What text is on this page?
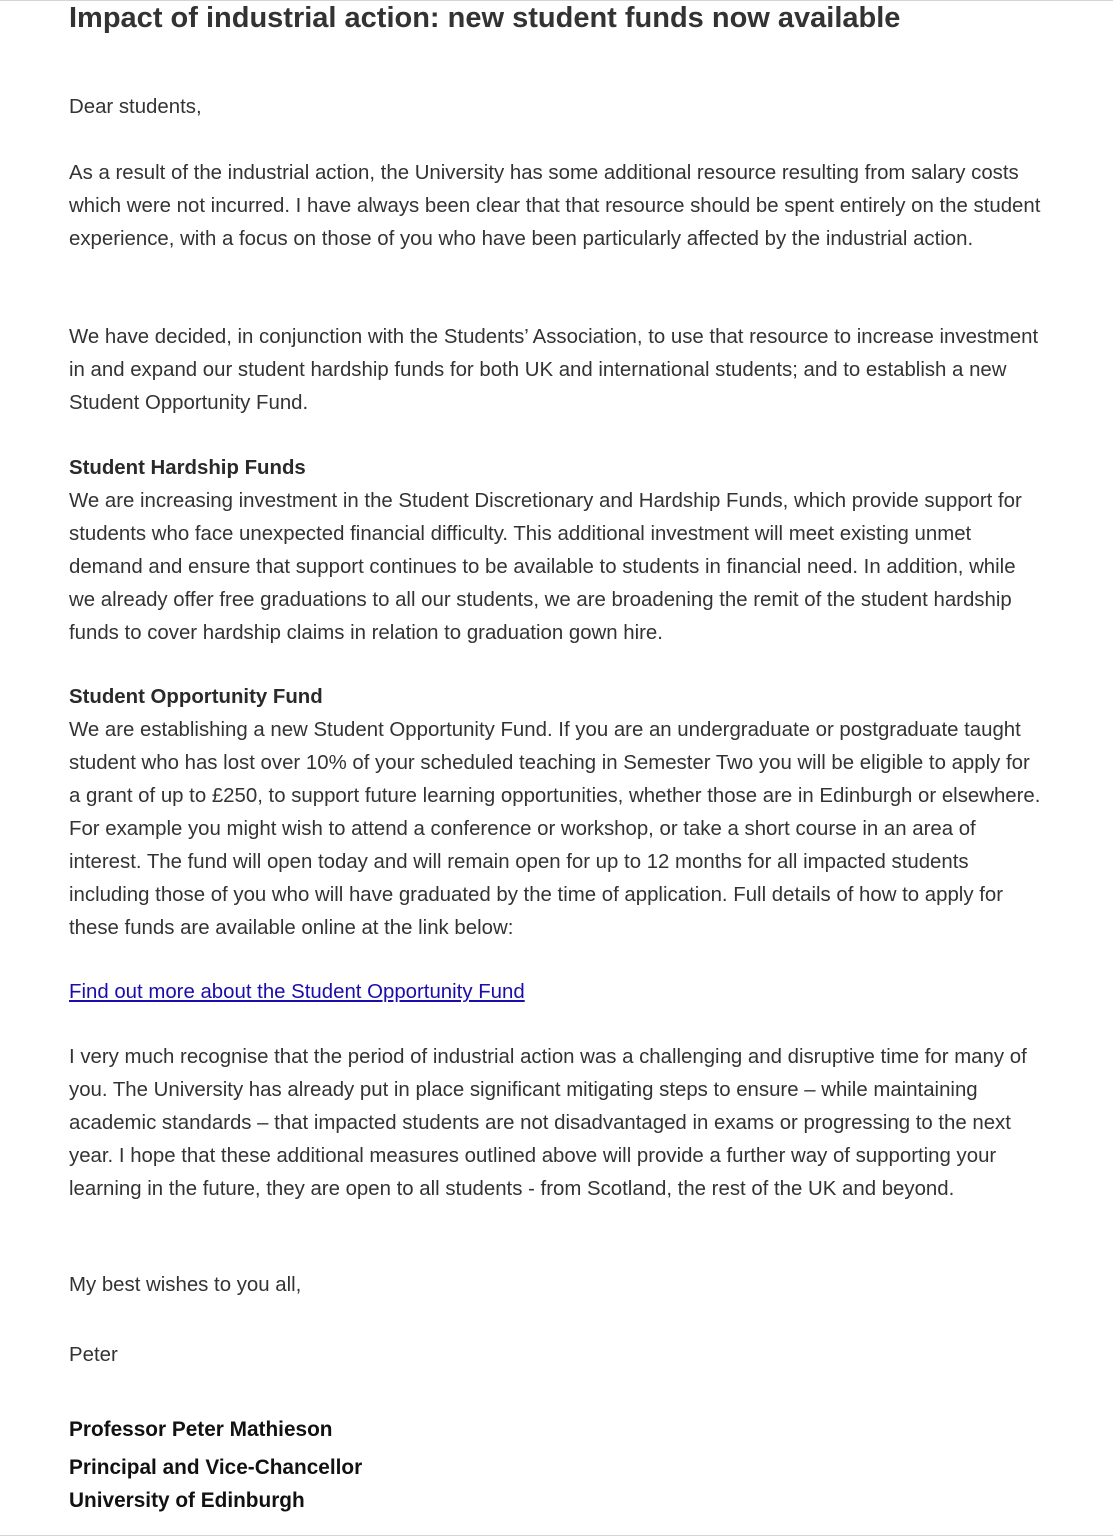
Impact of industrial action: new student funds now available

Dear students,

As a result of the industrial action, the University has some additional resource resulting from salary costs which were not incurred. I have always been clear that that resource should be spent entirely on the student experience, with a focus on those of you who have been particularly affected by the industrial action.

We have decided, in conjunction with the Students’ Association, to use that resource to increase investment in and expand our student hardship funds for both UK and international students; and to establish a new Student Opportunity Fund.

Student Hardship Funds

We are increasing investment in the Student Discretionary and Hardship Funds, which provide support for students who face unexpected financial difficulty. This additional investment will meet existing unmet demand and ensure that support continues to be available to students in financial need. In addition, while we already offer free graduations to all our students, we are broadening the remit of the student hardship funds to cover hardship claims in relation to graduation gown hire.

Student Opportunity Fund

We are establishing a new Student Opportunity Fund. If you are an undergraduate or postgraduate taught student who has lost over 10% of your scheduled teaching in Semester Two you will be eligible to apply for a grant of up to £250, to support future learning opportunities, whether those are in Edinburgh or elsewhere. For example you might wish to attend a conference or workshop, or take a short course in an area of interest. The fund will open today and will remain open for up to 12 months for all impacted students including those of you who will have graduated by the time of application. Full details of how to apply for these funds are available online at the link below:

Find out more about the Student Opportunity Fund

I very much recognise that the period of industrial action was a challenging and disruptive time for many of you. The University has already put in place significant mitigating steps to ensure – while maintaining academic standards – that impacted students are not disadvantaged in exams or progressing to the next year. I hope that these additional measures outlined above will provide a further way of supporting your learning in the future, they are open to all students - from Scotland, the rest of the UK and beyond.

My best wishes to you all,

Peter

Professor Peter Mathieson

Principal and Vice-Chancellor

University of Edinburgh
